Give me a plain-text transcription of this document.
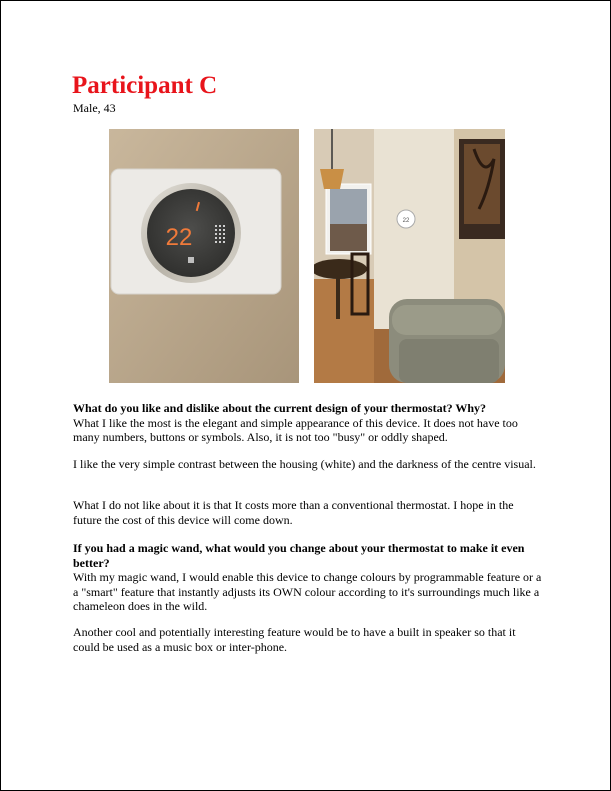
Participant C
Male, 43
22
22
What do you like and dislike about the current design of your thermostat? Why?
What I like the most is the elegant and simple appearance of this device. It does not have too many numbers, buttons or symbols. Also, it is not too "busy" or oddly shaped.
I like the very simple contrast between the housing (white) and the darkness of the centre visual.
What I do not like about it is that It costs more than a conventional thermostat. I hope in the future the cost of this device will come down.
If you had a magic wand, what would you change about your thermostat to make it even better?
With my magic wand, I would enable this device to change colours by programmable feature or a a "smart" feature that instantly adjusts its OWN colour according to it's surroundings much like a chameleon does in the wild.
Another cool and potentially interesting feature would be to have a built in speaker so that it could be used as a music box or inter-phone.
